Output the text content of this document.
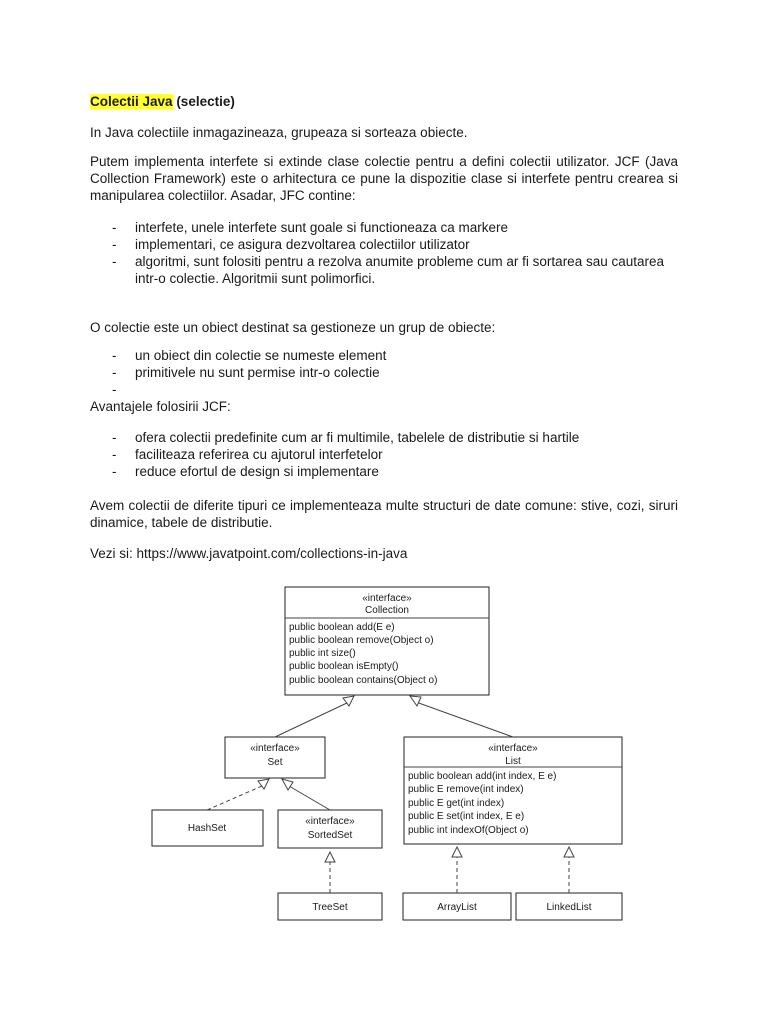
Colectii Java (selectie)
In Java colectiile inmagazineaza, grupeaza si sorteaza obiecte.
Putem implementa interfete si extinde clase colectie pentru a defini colectii utilizator. JCF (Java Collection Framework) este o arhitectura ce pune la dispozitie clase si interfete pentru crearea si manipularea colectiilor. Asadar, JFC contine:
- interfete, unele interfete sunt goale si functioneaza ca markere
- implementari, ce asigura dezvoltarea colectiilor utilizator
- algoritmi, sunt folositi pentru a rezolva anumite probleme cum ar fi sortarea sau cautarea intr-o colectie. Algoritmii sunt polimorfici.
O colectie este un obiect destinat sa gestioneze un grup de obiecte:
- un obiect din colectie se numeste element
- primitivele nu sunt permise intr-o colectie
-
Avantajele folosirii JCF:
- ofera colectii predefinite cum ar fi multimile, tabelele de distributie si hartile
- faciliteaza referirea cu ajutorul interfetelor
- reduce efortul de design si implementare
Avem colectii de diferite tipuri ce implementeaza multe structuri de date comune: stive, cozi, siruri dinamice, tabele de distributie.
Vezi si: https://www.javatpoint.com/collections-in-java
«interface»
Collection
public boolean add(E e)
public boolean remove(Object o)
public int size()
public boolean isEmpty()
public boolean contains(Object o)
«interface»
Set
«interface»
List
public boolean add(int index, E e)
public E remove(int index)
public E get(int index)
public E set(int index, E e)
public int indexOf(Object o)
HashSet
«interface»
SortedSet
TreeSet	ArrayList	LinkedList
